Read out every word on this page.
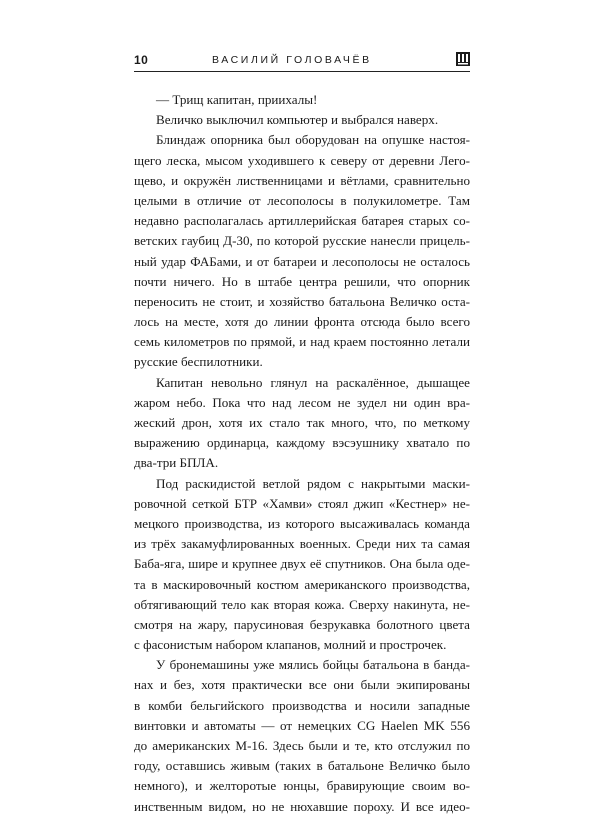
10	ВАСИЛИЙ ГОЛОВАЧЁВ

— Трищ капитан, приихалы!

Величко выключил компьютер и выбрался наверх.

Блиндаж опорника был оборудован на опушке настоя-
щего леска, мысом уходившего к северу от деревни Лего-
щево, и окружён лиственницами и вётлами, сравнительно
целыми в отличие от лесополосы в полукилометре. Там
недавно располагалась артиллерийская батарея старых со-
ветских гаубиц Д-30, по которой русские нанесли прицель-
ный удар ФАБами, и от батареи и лесополосы не осталось
почти ничего. Но в штабе центра решили, что опорник
переносить не стоит, и хозяйство батальона Величко оста-
лось на месте, хотя до линии фронта отсюда было всего
семь километров по прямой, и над краем постоянно летали
русские беспилотники.

Капитан невольно глянул на раскалённое, дышащее
жаром небо. Пока что над лесом не зудел ни один вра-
жеский дрон, хотя их стало так много, что, по меткому
выражению ординарца, каждому вэсэушнику хватало по
два-три БПЛА.

Под раскидистой ветлой рядом с накрытыми маски-
ровочной сеткой БТР «Хамви» стоял джип «Кестнер» не-
мецкого производства, из которого высаживалась команда
из трёх закамуфлированных военных. Среди них та самая
Баба-яга, шире и крупнее двух её спутников. Она была оде-
та в маскировочный костюм американского производства,
обтягивающий тело как вторая кожа. Сверху накинута, не-
смотря на жару, парусиновая безрукавка болотного цвета
с фасонистым набором клапанов, молний и прострочек.

У бронемашины уже мялись бойцы батальона в банда-
нах и без, хотя практически все они были экипированы
в комби бельгийского производства и носили западные
винтовки и автоматы — от немецких CG Haelen MK 556
до американских М-16. Здесь были и те, кто отслужил по
году, оставшись живым (таких в батальоне Величко было
немного), и желторотые юнцы, бравирующие своим во-
инственным видом, но не нюхавшие пороху. И все идео-
